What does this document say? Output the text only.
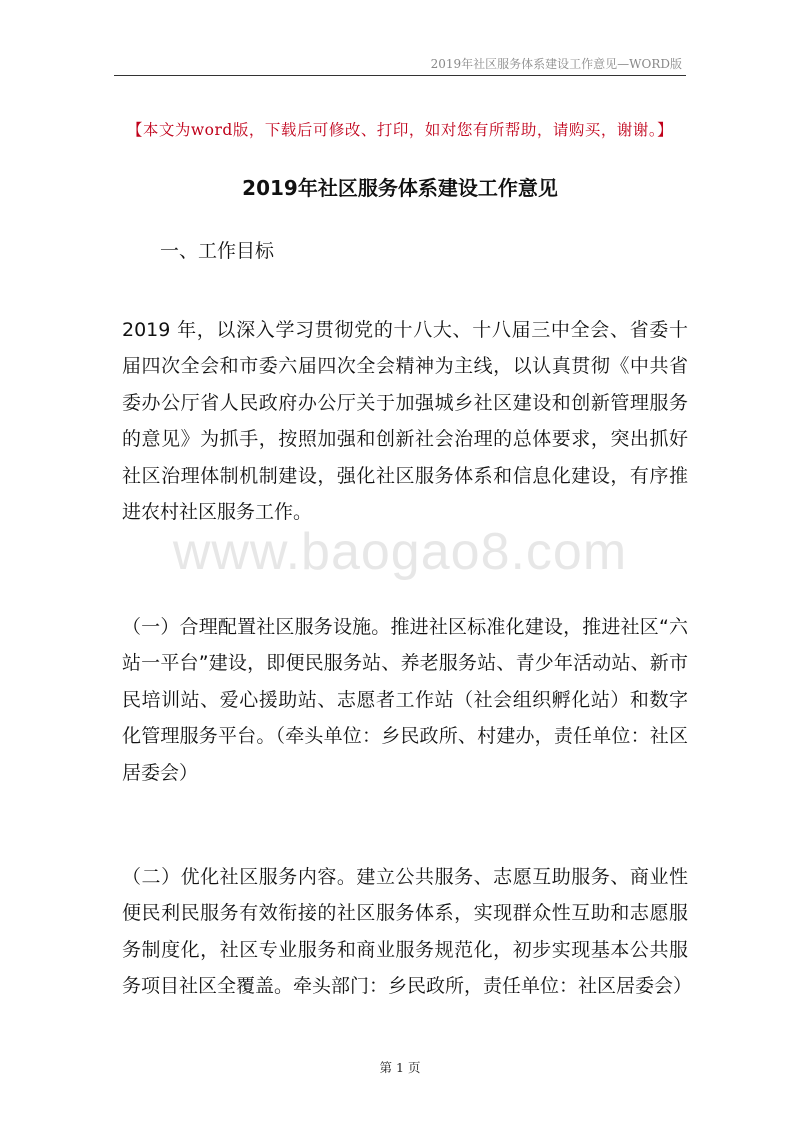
2019年社区服务体系建设工作意见—WORD版
【本文为word版，下载后可修改、打印，如对您有所帮助，请购买，谢谢。】
2019年社区服务体系建设工作意见
一、工作目标

2019 年，以深入学习贯彻党的十八大、十八届三中全会、省委十届四次全会和市委六届四次全会精神为主线，以认真贯彻《中共省委办公厅省人民政府办公厅关于加强城乡社区建设和创新管理服务的意见》为抓手，按照加强和创新社会治理的总体要求，突出抓好社区治理体制机制建设，强化社区服务体系和信息化建设，有序推进农村社区服务工作。

（一）合理配置社区服务设施。推进社区标准化建设，推进社区“六站一平台”建设，即便民服务站、养老服务站、青少年活动站、新市民培训站、爱心援助站、志愿者工作站（社会组织孵化站）和数字化管理服务平台。（牵头单位：乡民政所、村建办，责任单位：社区居委会）

（二）优化社区服务内容。建立公共服务、志愿互助服务、商业性便民利民服务有效衔接的社区服务体系，实现群众性互助和志愿服务制度化，社区专业服务和商业服务规范化，初步实现基本公共服务项目社区全覆盖。牵头部门：乡民政所，责任单位：社区居委会）

www.baogao8.com
第 1 页
